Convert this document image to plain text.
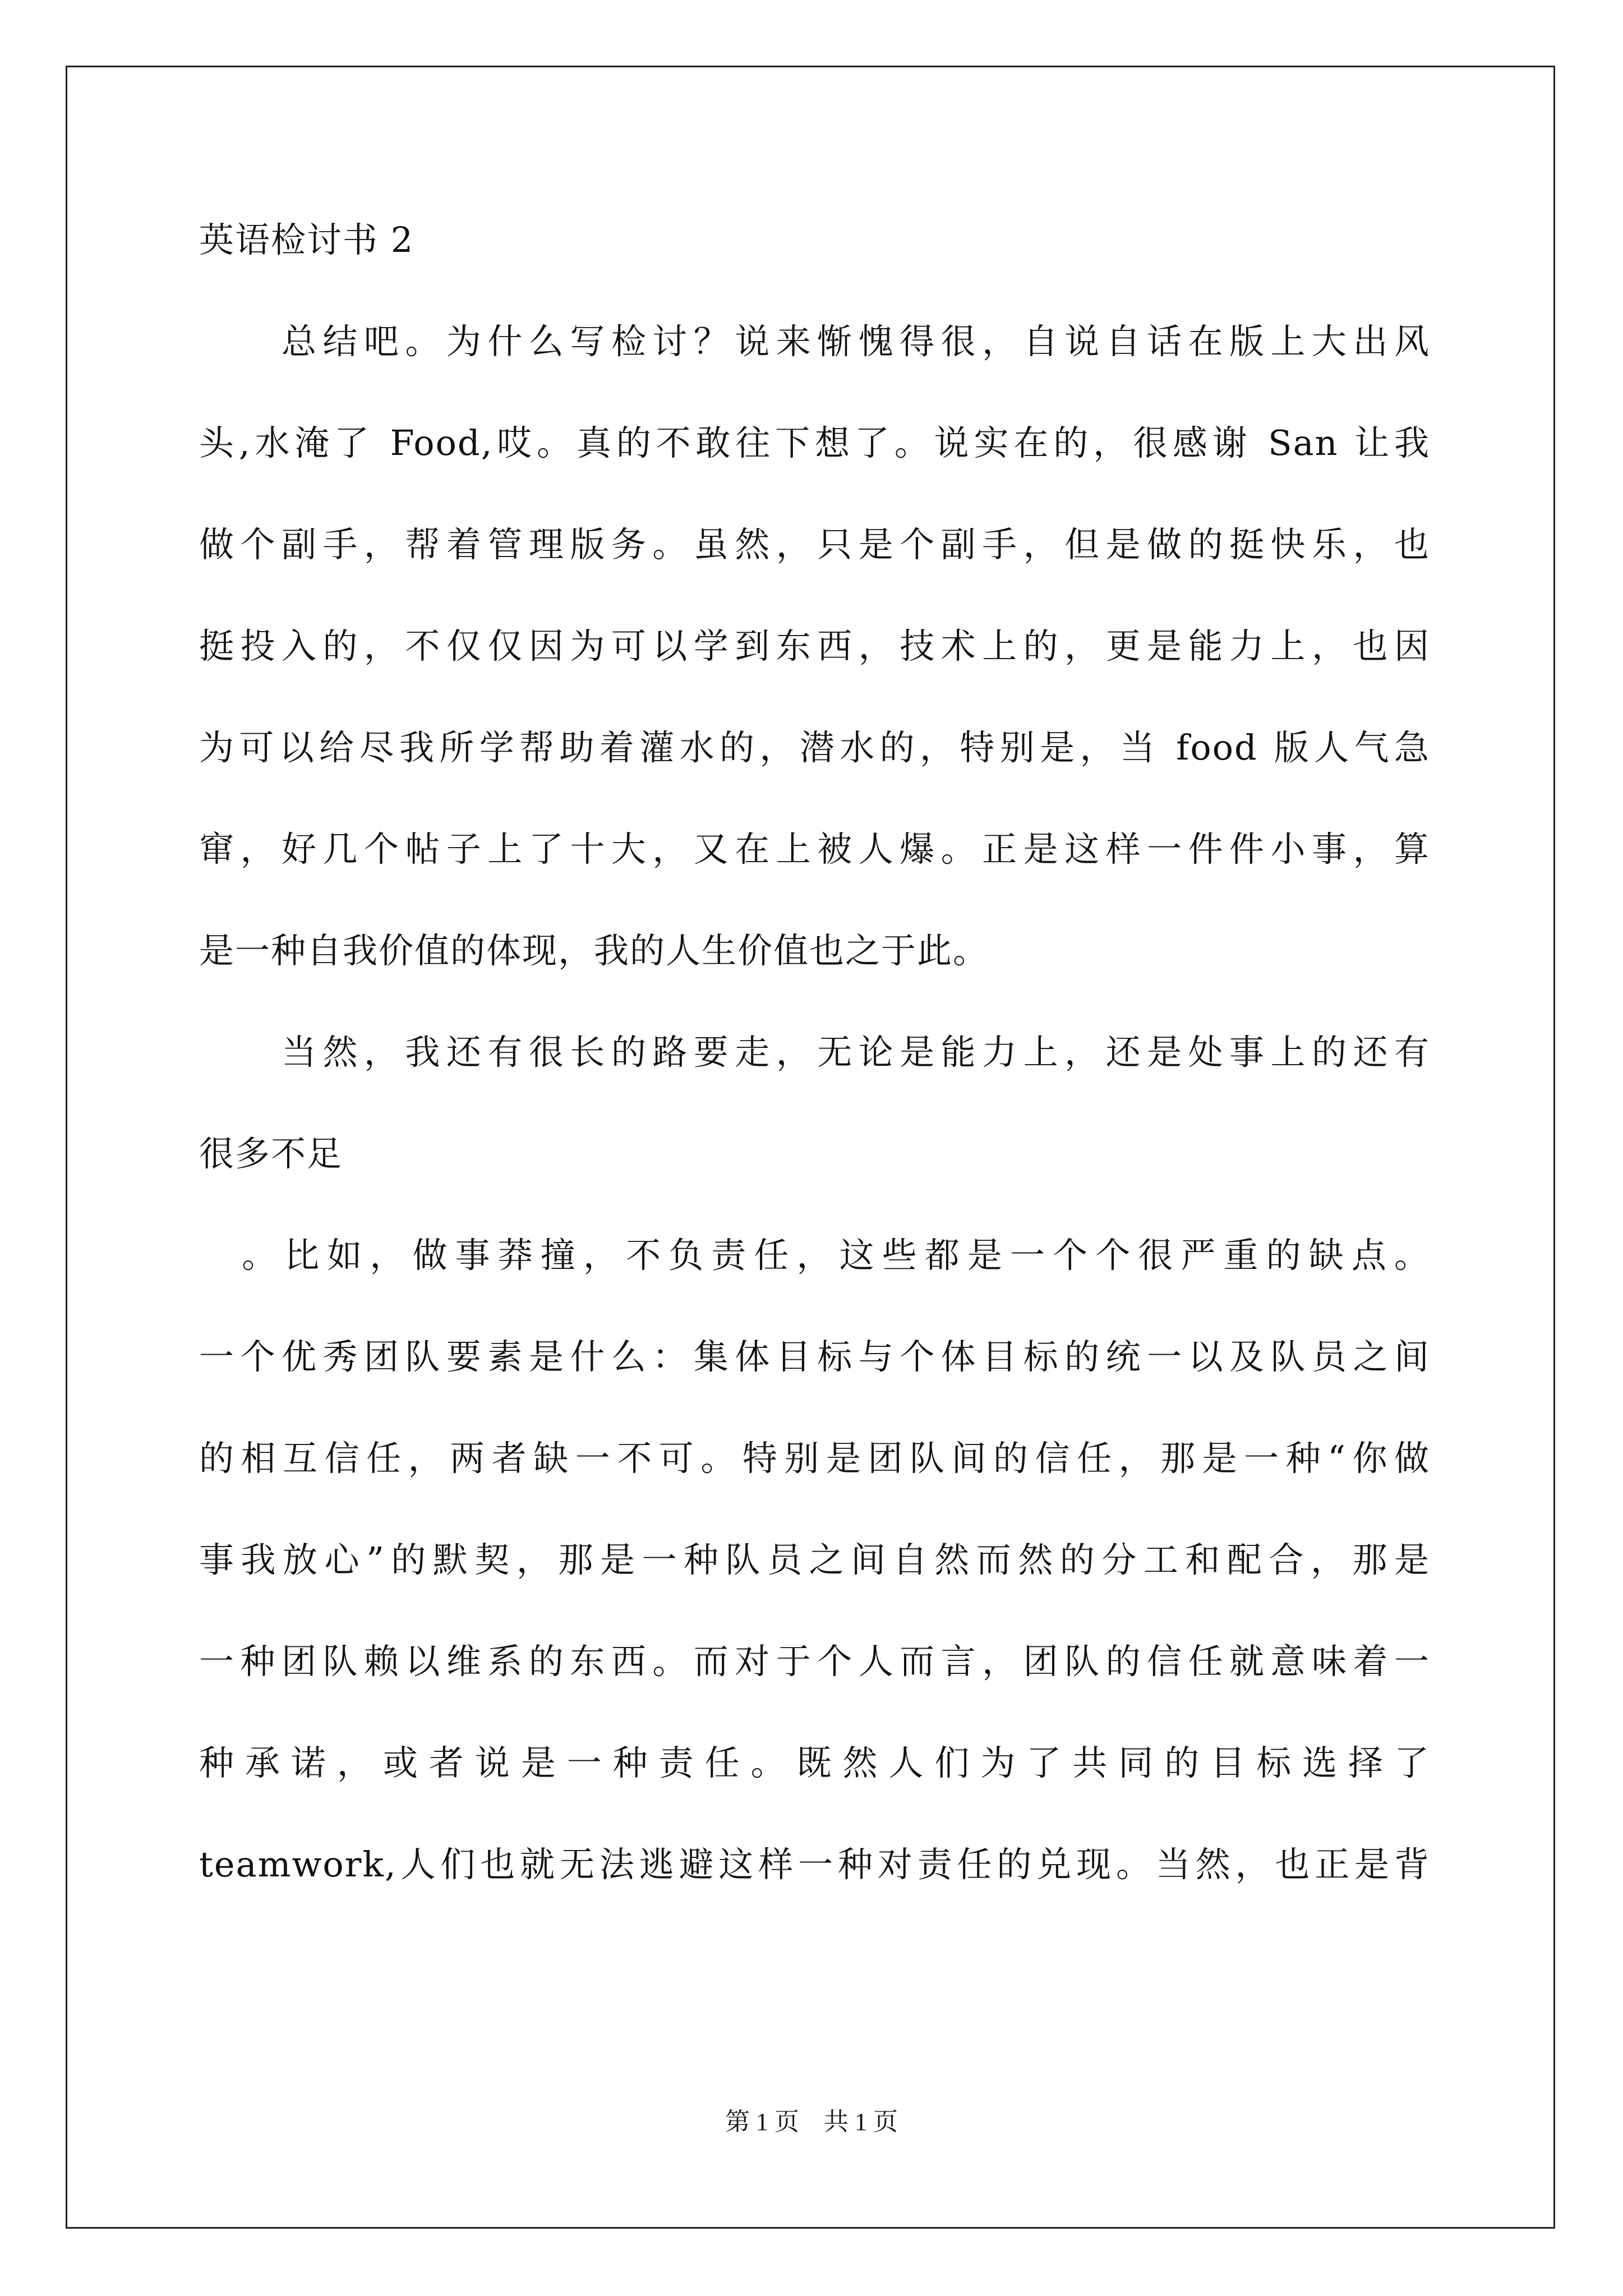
英语检讨书 2
　　总结吧。为什么写检讨？说来惭愧得很，自说自话在版上大出风
头,水淹了 Food,哎。真的不敢往下想了。说实在的，很感谢 San 让我
做个副手，帮着管理版务。虽然，只是个副手，但是做的挺快乐，也
挺投入的，不仅仅因为可以学到东西，技术上的，更是能力上，也因
为可以给尽我所学帮助着灌水的，潜水的，特别是，当 food 版人气急
窜，好几个帖子上了十大，又在上被人爆。正是这样一件件小事，算
是一种自我价值的体现，我的人生价值也之于此。
　　当然，我还有很长的路要走，无论是能力上，还是处事上的还有
很多不足
　。比如，做事莽撞，不负责任，这些都是一个个很严重的缺点。
一个优秀团队要素是什么：集体目标与个体目标的统一以及队员之间
的相互信任，两者缺一不可。特别是团队间的信任，那是一种“你做
事我放心”的默契，那是一种队员之间自然而然的分工和配合，那是
一种团队赖以维系的东西。而对于个人而言，团队的信任就意味着一
种承诺，或者说是一种责任。既然人们为了共同的目标选择了
teamwork,人们也就无法逃避这样一种对责任的兑现。当然，也正是背
第 1 页　共 1 页
